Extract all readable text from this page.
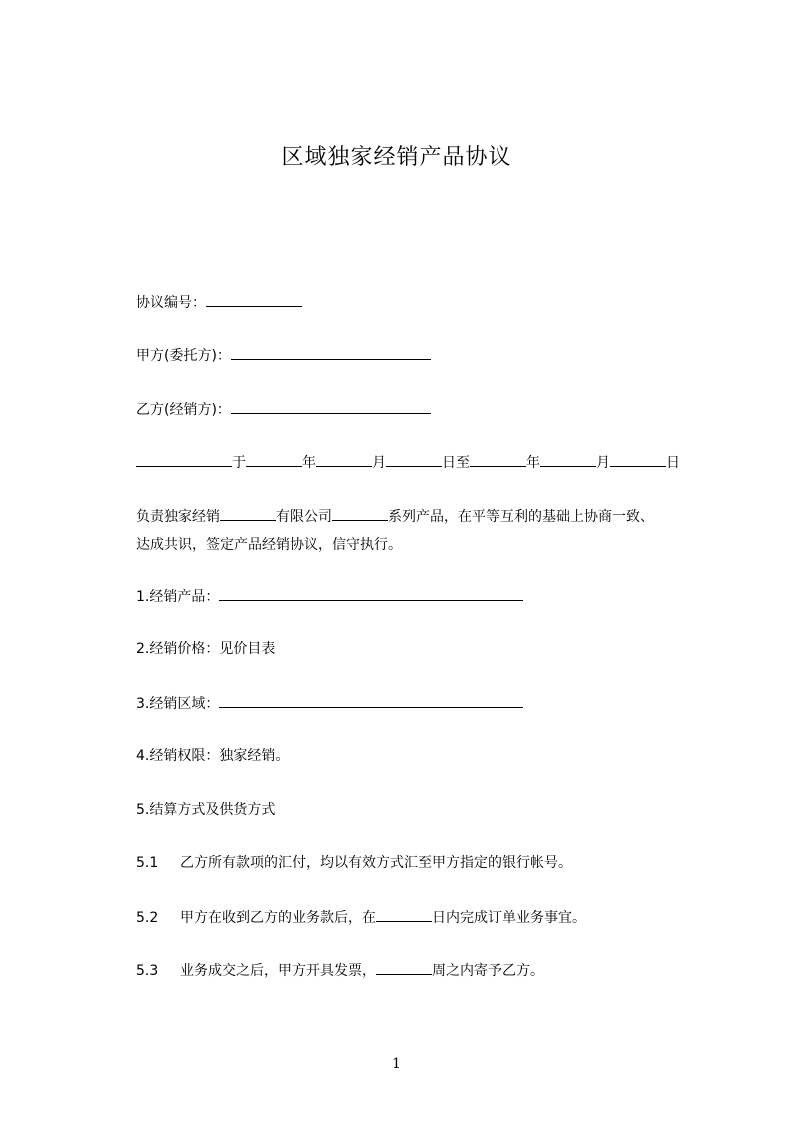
区域独家经销产品协议
协议编号：
甲方(委托方)：
乙方(经销方)：
于	年	月	日至	年	月	日
负责独家经销	有限公司	系列产品，在平等互利的基础上协商一致、
达成共识，签定产品经销协议，信守执行。
1.经销产品：
2.经销价格：见价目表
3.经销区域：
4.经销权限：独家经销。
5.结算方式及供货方式
5.1 乙方所有款项的汇付，均以有效方式汇至甲方指定的银行帐号。
5.2 甲方在收到乙方的业务款后，在	日内完成订单业务事宜。
5.3 业务成交之后，甲方开具发票，	周之内寄予乙方。
1
